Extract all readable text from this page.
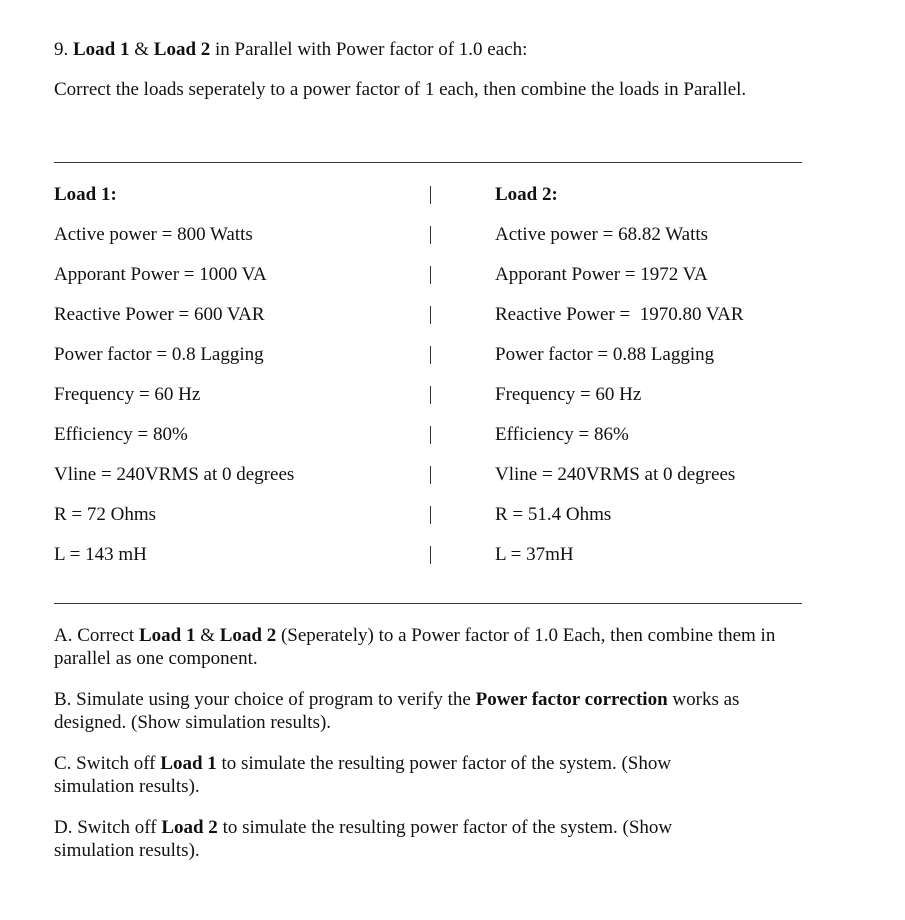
9. Load 1 & Load 2 in Parallel with Power factor of 1.0 each:
Correct the loads seperately to a power factor of 1 each, then combine the loads in Parallel.
Load 1:
Active power = 800 Watts
Apporant Power = 1000 VA
Reactive Power = 600 VAR
Power factor = 0.8 Lagging
Frequency = 60 Hz
Efficiency = 80%
Vline = 240VRMS at 0 degrees
R = 72 Ohms
L = 143 mH
Load 2:
Active power = 68.82 Watts
Apporant Power = 1972 VA
Reactive Power =  1970.80 VAR
Power factor = 0.88 Lagging
Frequency = 60 Hz
Efficiency = 86%
Vline = 240VRMS at 0 degrees
R = 51.4 Ohms
L = 37mH
A. Correct Load 1 & Load 2 (Seperately) to a Power factor of 1.0 Each, then combine them in parallel as one component.
B. Simulate using your choice of program to verify the Power factor correction works as designed. (Show simulation results).
C. Switch off Load 1 to simulate the resulting power factor of the system. (Show simulation results).
D. Switch off Load 2 to simulate the resulting power factor of the system. (Show simulation results).
